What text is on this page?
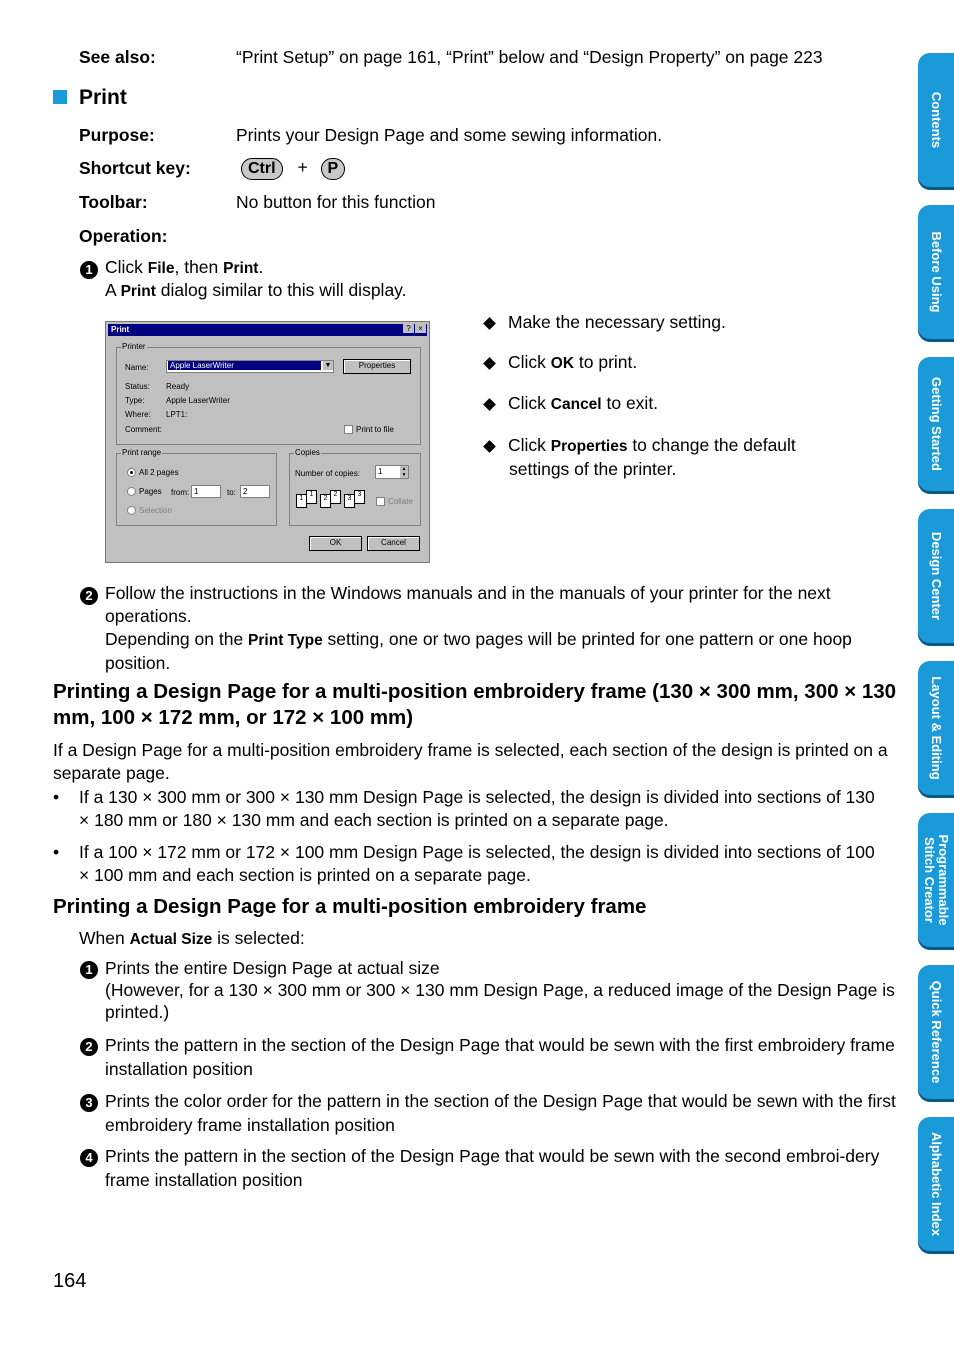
See also:	“Print Setup” on page 161, “Print” below and “Design Property” on page 223
Print
Purpose:	Prints your Design Page and some sewing information.
Shortcut key:	Ctrl + P
Toolbar:	No button for this function
Operation:
1 Click File, then Print.
A Print dialog similar to this will display.
Print	? ×
Printer
Name:	Apple LaserWriter	▼	Properties
Status: Ready
Type:	Apple LaserWriter
Where: LPT1:
Comment:	Print to file
Print range
All 2 pages
Pages from: 1	to: 2
Selection
Copies
Number of copies:	1	▲
▼
1
1
2
2
3
3
Collate
OK	Cancel
Make the necessary setting.
Click OK to print.
Click Cancel to exit.
Click Properties to change the default settings of the printer.
2 Follow the instructions in the Windows manuals and in the manuals of your printer for the next operations.
Depending on the Print Type setting, one or two pages will be printed for one pattern or one hoop position.
Printing a Design Page for a multi-position embroidery frame (130 × 300 mm, 300 × 130 mm, 100 × 172 mm, or 172 × 100 mm)
If a Design Page for a multi-position embroidery frame is selected, each section of the design is printed on a separate page.
• If a 130 × 300 mm or 300 × 130 mm Design Page is selected, the design is divided into sections of 130 × 180 mm or 180 × 130 mm and each section is printed on a separate page.
• If a 100 × 172 mm or 172 × 100 mm Design Page is selected, the design is divided into sections of 100 × 100 mm and each section is printed on a separate page.
Printing a Design Page for a multi-position embroidery frame
When Actual Size is selected:
1 Prints the entire Design Page at actual size
(However, for a 130 × 300 mm or 300 × 130 mm Design Page, a reduced image of the Design Page is printed.)
2 Prints the pattern in the section of the Design Page that would be sewn with the first embroidery frame installation position
3 Prints the color order for the pattern in the section of the Design Page that would be sewn with the first embroidery frame installation position
4 Prints the pattern in the section of the Design Page that would be sewn with the second embroi-dery frame installation position
164
Contents
Before Using
Getting Started
Design Center
Layout & Editing
Programmable Stitch Creator
Quick Reference
Alphabetic Index
